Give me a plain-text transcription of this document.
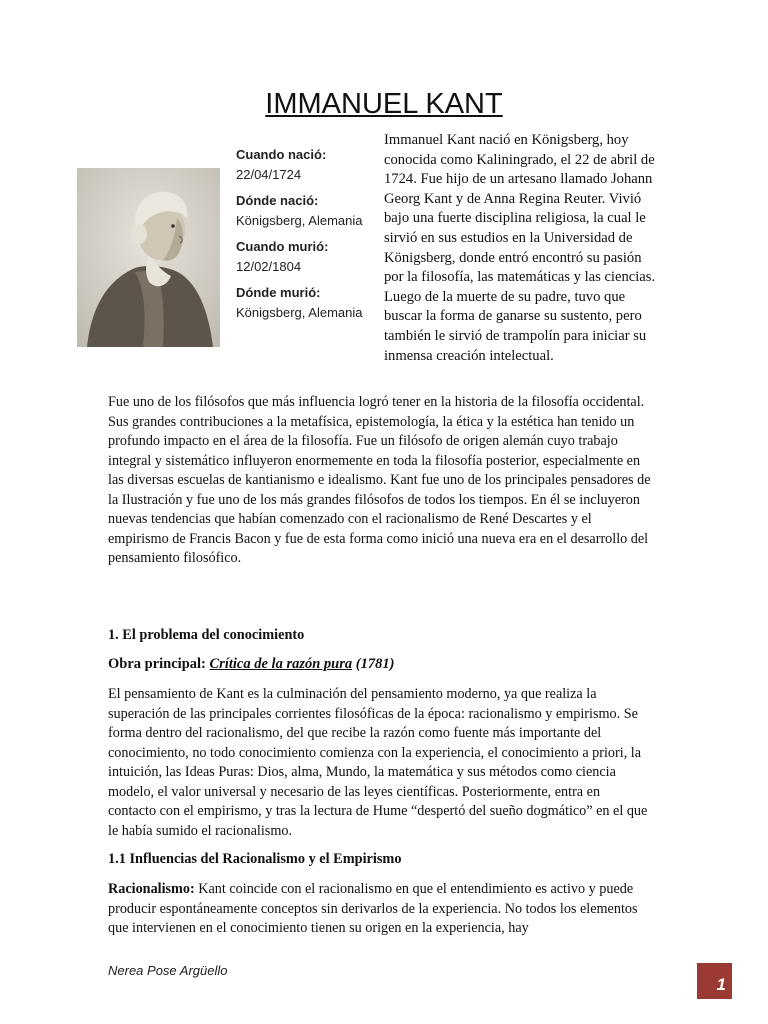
IMMANUEL KANT
Cuando nació:
22/04/1724
Dónde nació:
Königsberg, Alemania
Cuando murió:
12/02/1804
Dónde murió:
Königsberg, Alemania
Immanuel Kant nació en Königsberg, hoy conocida como Kaliningrado, el 22 de abril de 1724. Fue hijo de un artesano llamado Johann Georg Kant y de Anna Regina Reuter. Vivió bajo una fuerte disciplina religiosa, la cual le sirvió en sus estudios en la Universidad de Königsberg, donde entró encontró su pasión por la filosofía, las matemáticas y las ciencias. Luego de la muerte de su padre, tuvo que buscar la forma de ganarse su sustento, pero también le sirvió de trampolín para iniciar su inmensa creación intelectual.
Fue uno de los filósofos que más influencia logró tener en la historia de la filosofía occidental. Sus grandes contribuciones a la metafísica, epistemología, la ética y la estética han tenido un profundo impacto en el área de la filosofía. Fue un filósofo de origen alemán cuyo trabajo integral y sistemático influyeron enormemente en toda la filosofía posterior, especialmente en las diversas escuelas de kantianismo e idealismo. Kant fue uno de los principales pensadores de la Ilustración y fue uno de los más grandes filósofos de todos los tiempos. En él se incluyeron nuevas tendencias que habían comenzado con el racionalismo de René Descartes y el empirismo de Francis Bacon y fue de esta forma como inició una nueva era en el desarrollo del pensamiento filosófico.
1. El problema del conocimiento
Obra principal: Crítica de la razón pura (1781)
El pensamiento de Kant es la culminación del pensamiento moderno, ya que realiza la superación de las principales corrientes filosóficas de la época: racionalismo y empirismo. Se forma dentro del racionalismo, del que recibe la razón como fuente más importante del conocimiento, no todo conocimiento comienza con la experiencia, el conocimiento a priori, la intuición, las Ideas Puras: Dios, alma, Mundo, la matemática y sus métodos como ciencia modelo, el valor universal y necesario de las leyes científicas. Posteriormente, entra en contacto con el empirismo, y tras la lectura de Hume “despertó del sueño dogmático” en el que le había sumido el racionalismo.
1.1 Influencias del Racionalismo y el Empirismo
Racionalismo: Kant coincide con el racionalismo en que el entendimiento es activo y puede producir espontáneamente conceptos sin derivarlos de la experiencia. No todos los elementos que intervienen en el conocimiento tienen su origen en la experiencia, hay
Nerea Pose Argüello
1
